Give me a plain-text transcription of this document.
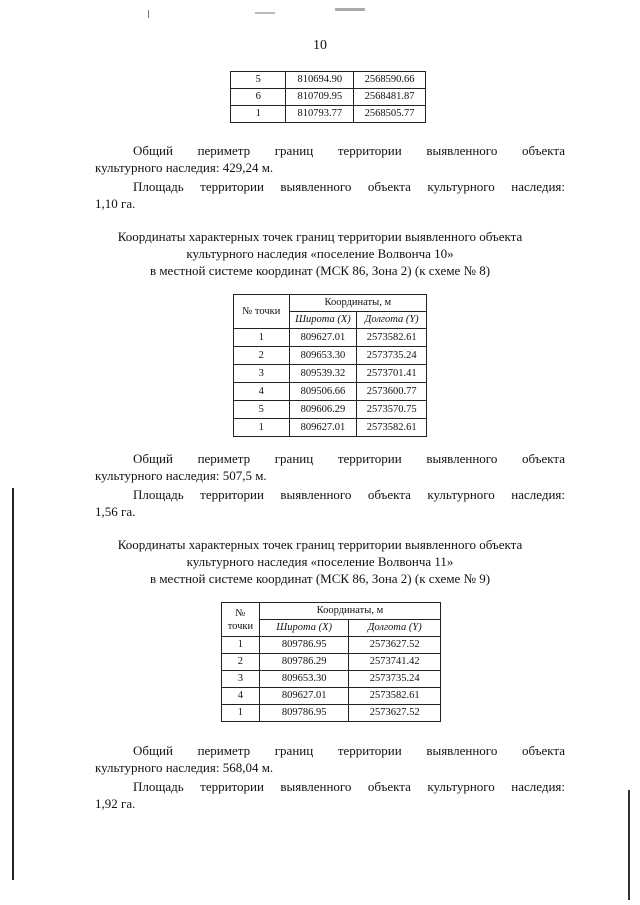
10
5	810694.90	2568590.66
6	810709.95	2568481.87
1	810793.77	2568505.77
Общий периметр границ территории выявленного объекта
культурного наследия: 429,24 м.
Площадь территории выявленного объекта культурного наследия:
1,10 га.
Координаты характерных точек границ территории выявленного объекта
культурного наследия «поселение Волвонча 10»
в местной системе координат (МСК 86, Зона 2) (к схеме № 8)
№ точки	Координаты, м	
	Широта (X)	Долгота (Y)
1	809627.01	2573582.61
2	809653.30	2573735.24
3	809539.32	2573701.41
4	809506.66	2573600.77
5	809606.29	2573570.75
1	809627.01	2573582.61
Общий периметр границ территории выявленного объекта
культурного наследия: 507,5 м.
Площадь территории выявленного объекта культурного наследия:
1,56 га.
Координаты характерных точек границ территории выявленного объекта
культурного наследия «поселение Волвонча 11»
в местной системе координат (МСК 86, Зона 2) (к схеме № 9)
№
точки	Координаты, м	
	Широта (X)	Долгота (Y)
1	809786.95	2573627.52
2	809786.29	2573741.42
3	809653.30	2573735.24
4	809627.01	2573582.61
1	809786.95	2573627.52
Общий периметр границ территории выявленного объекта
культурного наследия: 568,04 м.
Площадь территории выявленного объекта культурного наследия:
1,92 га.
